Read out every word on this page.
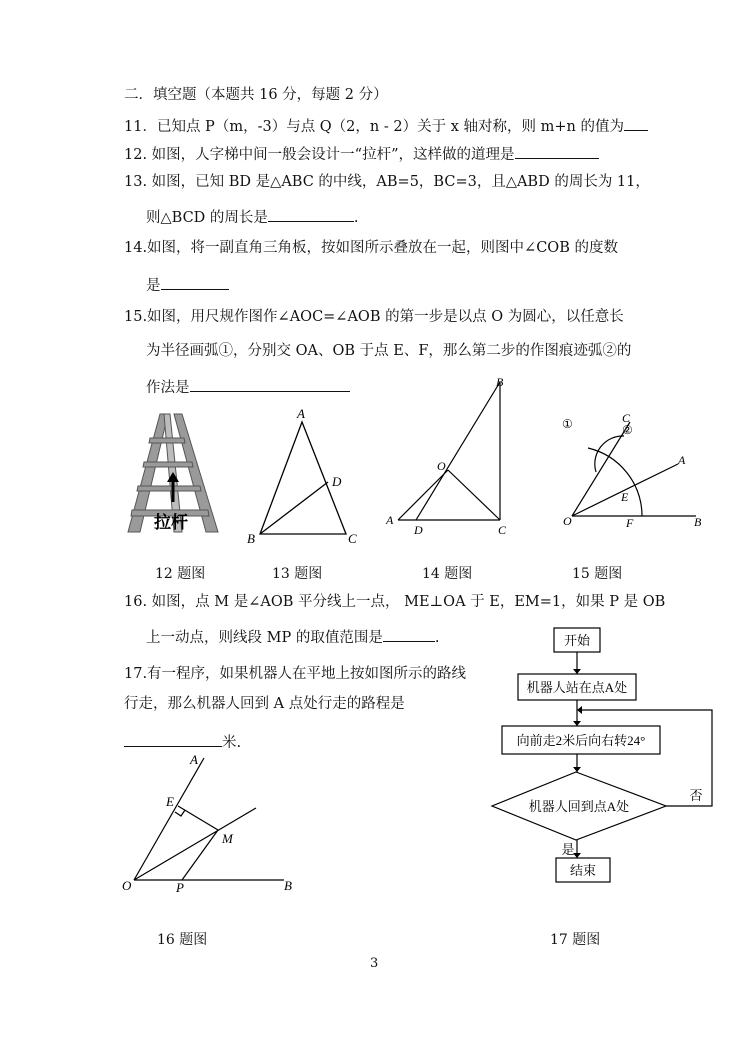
二．填空题（本题共 16 分，每题 2 分）
11．已知点 P（m，-3）与点 Q（2，n - 2）关于 x 轴对称，则 m+n 的值为
12. 如图，人字梯中间一般会设计一“拉杆”，这样做的道理是
13. 如图，已知 BD 是△ABC 的中线，AB=5，BC=3，且△ABD 的周长为 11，
则△BCD 的周长是	.
14.如图，将一副直角三角板，按如图所示叠放在一起，则图中∠COB 的度数
是
15.如图，用尺规作图作∠AOC=∠AOB 的第一步是以点 O 为圆心，以任意长
为半径画弧①，分别交 OA、OB 于点 E、F，那么第二步的作图痕迹弧②的
作法是
12 题图	13 题图	14 题图	15 题图
16. 如图，点 M 是∠AOB 平分线上一点， ME⊥OA 于 E，EM=1，如果 P 是 OB
上一动点，则线段 MP 的取值范围是	.
17.有一程序，如果机器人在平地上按如图所示的路线
行走，那么机器人回到 A 点处行走的路程是
米.
16 题图	17 题图
3
拉杆
A
B	C
D
A
B
C
D
O
O	B
A
C
F
E
①	②
A
E
M
O	P	B
开始
机器人站在点A处
向前走2米后向右转24°
机器人回到点A处
结束
否
是
